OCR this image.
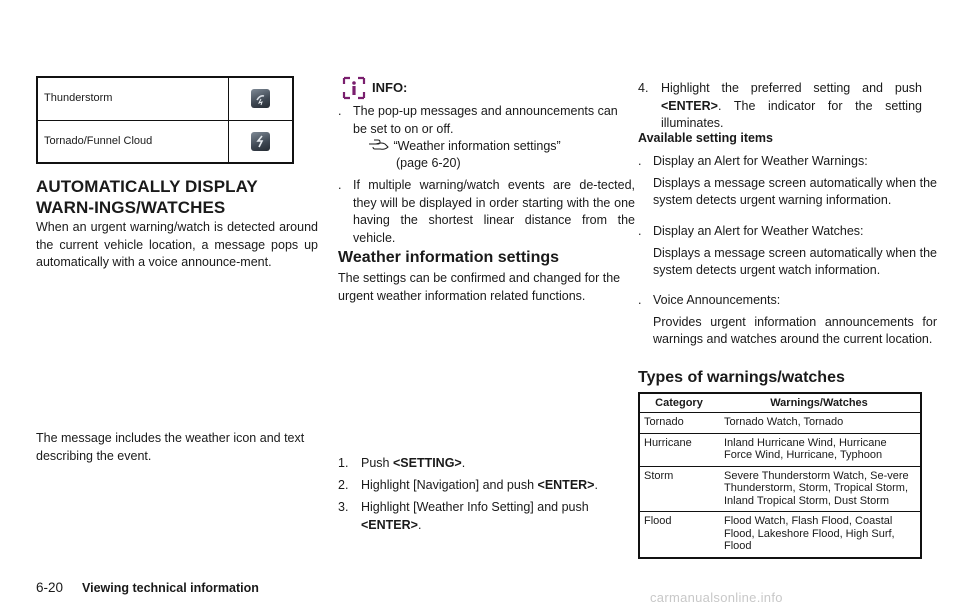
Thunderstorm	

Tornado/Funnel Cloud	
AUTOMATICALLY DISPLAY WARN-INGS/WATCHES

When an urgent warning/watch is detected around the current vehicle location, a message pops up automatically with a voice announce-ment.

The message includes the weather icon and text describing the event.

INFO:
. The pop-up messages and announcements can be set to on or off.
“Weather information settings”
(page 6-20)
. If multiple warning/watch events are de-tected, they will be displayed in order starting with the one having the shortest linear distance from the vehicle.
Weather information settings

The settings can be confirmed and changed for the urgent weather information related functions.

1. Push <SETTING>.
2. Highlight [Navigation] and push <ENTER>.
3. Highlight [Weather Info Setting] and push <ENTER>.
4. Highlight the preferred setting and push <ENTER>. The indicator for the setting illuminates.
Available setting items
. Display an Alert for Weather Warnings:
Displays a message screen automatically when the system detects urgent warning information.
. Display an Alert for Weather Watches:
Displays a message screen automatically when the system detects urgent watch information.
. Voice Announcements:
Provides urgent information announcements for warnings and watches around the current location.
Types of warnings/watches
Category	Warnings/Watches
Tornado	Tornado Watch, Tornado
Hurricane	Inland Hurricane Wind, Hurricane Force Wind, Hurricane, Typhoon
Storm	Severe Thunderstorm Watch, Se-vere Thunderstorm, Storm, Tropical Storm, Inland Tropical Storm, Dust Storm
Flood	Flood Watch, Flash Flood, Coastal Flood, Lakeshore Flood, High Surf, Flood
6-20 Viewing technical information
carmanualsonline.info
